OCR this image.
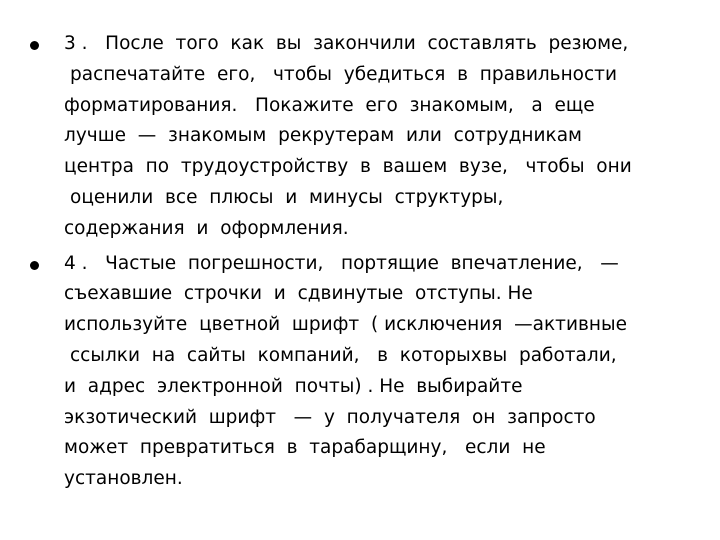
3 .   После  того  как  вы  закончили  составлять  резюме,
распечатайте  его,   чтобы  убедиться  в  правильности
форматирования.   Покажите  его  знакомым,   а  еще
лучше  —  знакомым  рекрутерам  или  сотрудникам
центра  по  трудоустройству  в  вашем  вузе,   чтобы  они
оценили  все  плюсы  и  минусы  структуры,
содержания  и  оформления.
4 .   Частые  погрешности,   портящие  впечатление,   —
съехавшие  строчки  и  сдвинутые  отступы. Не
используйте  цветной  шрифт  ( исключения  —активные
ссылки  на  сайты  компаний,   в  которыхвы  работали,
и  адрес  электронной  почты) . Не  выбирайте
экзотический  шрифт   —  у  получателя  он  запросто
может  превратиться  в  тарабарщину,   если  не
установлен.
